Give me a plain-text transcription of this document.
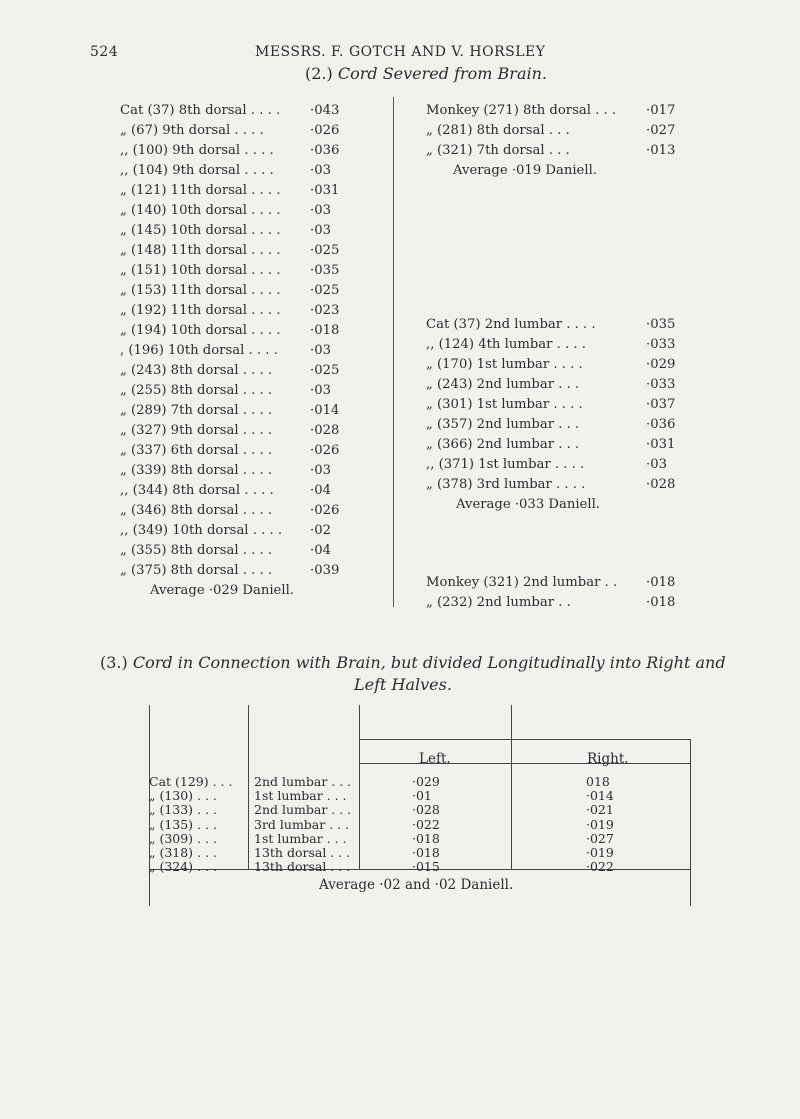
524	MESSRS. F. GOTCH AND V. HORSLEY
(2.) Cord Severed from Brain.
Cat (37) 8th dorsal . . . . ·043
„ (67) 9th dorsal . . . .	·026
,, (100) 9th dorsal . . . .	·036
,, (104) 9th dorsal . . . .	·03
„ (121) 11th dorsal . . . . ·031
„ (140) 10th dorsal . . . . ·03
„ (145) 10th dorsal . . . . ·03
„ (148) 11th dorsal . . . . ·025
„ (151) 10th dorsal . . . . ·035
„ (153) 11th dorsal . . . . ·025
„ (192) 11th dorsal . . . . ·023
„ (194) 10th dorsal . . . . ·018
, (196) 10th dorsal . . . . ·03
„ (243) 8th dorsal . . . .	·025
„ (255) 8th dorsal . . . .	·03
„ (289) 7th dorsal . . . .	·014
„ (327) 9th dorsal . . . .	·028
„ (337) 6th dorsal . . . .	·026
„ (339) 8th dorsal . . . .	·03
,, (344) 8th dorsal . . . .	·04
„ (346) 8th dorsal . . . .	·026
,, (349) 10th dorsal . . . . ·02
„ (355) 8th dorsal . . . .	·04
„ (375) 8th dorsal . . . .	·039
Average ·029 Daniell.
Monkey (271) 8th dorsal . . . ·017
„ (281) 8th dorsal . . .	·027
„ (321) 7th dorsal . . .	·013
Average ·019 Daniell.
Cat (37) 2nd lumbar . . . .	·035
,, (124) 4th lumbar . . . .	·033
„ (170) 1st lumbar . . . .	·029
„ (243) 2nd lumbar . . .	·033
„ (301) 1st lumbar . . . .	·037
„ (357) 2nd lumbar . . .	·036
„ (366) 2nd lumbar . . .	·031
,, (371) 1st lumbar . . . .	·03
„ (378) 3rd lumbar . . . .	·028
Average ·033 Daniell.
Monkey (321) 2nd lumbar . . ·018
„ (232) 2nd lumbar . .	·018
(3.) Cord in Connection with Brain, but divided Longitudinally into Right and
Left Halves.
Left.	Right.
Cat (129) . . . 2nd lumbar . . .	·029	018
„ (130) . . .	1st lumbar . . .	·01	·014
„ (133) . . .	2nd lumbar . . .	·028	·021
„ (135) . . .	3rd lumbar . . .	·022	·019
„ (309) . . .	1st lumbar . . .	·018	·027
„ (318) . . .	13th dorsal . . .	·018	·019
„ (324) . . .	13th dorsal . . .	·015	·022
Average ·02 and ·02 Daniell.
